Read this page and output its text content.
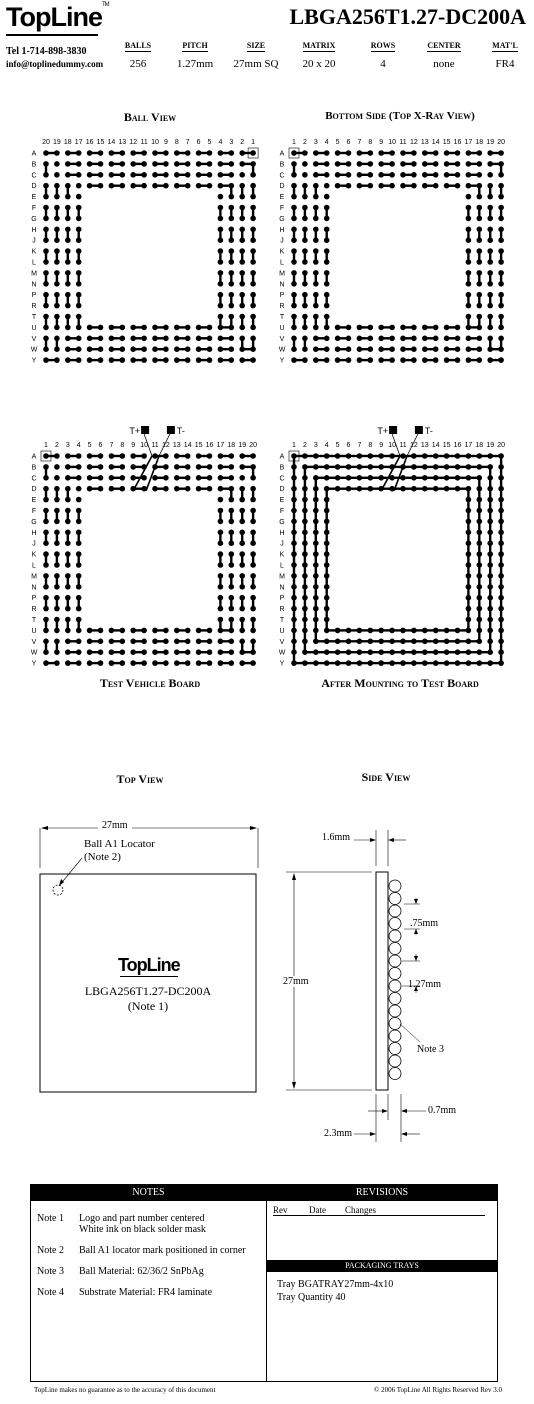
TopLine™	LBGA256T1.27-DC200A
Tel 1-714-898-3830
info@toplinedummy.com
BALLS
256
PITCH
1.27mm
SIZE
27mm SQ
MATRIX
20 x 20
ROWS
4
CENTER
none
MAT'L
FR4
Ball View	Bottom Side (Top X-Ray View)
Test Vehicle Board	After Mounting to Test Board
20 19 18 17 16 15 14 13 12 11 10 9 8 7 6 5 4 3 2 1
A
B
C
D
E
F
G
H
J
K
L
M
N
P
R
T
U
V
W
Y
1 2 3 4 5 6 7 8 9 10 11 12 13 14 15 16 17 18 19 20
A
B
C
D
E
F
G
H
J
K
L
M
N
P
R
T
U
V
W
Y
1 2 3 4 5 6 7 8 9 10 11 12 13 14 15 16 17 18 19 20
A
B
C
D
E
F
G
H
J
K
L
M
N
P
R
T
U
V
W
Y
T+	T-
1 2 3 4 5 6 7 8 9 10 11 12 13 14 15 16 17 18 19 20
A
B
C
D
E
F
G
H
J
K
L
M
N
P
R
T
U
V
W
Y
T+	T-
Top View
27mm
Ball A1 Locator
(Note 2)
TopLine
LBGA256T1.27-DC200A
(Note 1)
Side View
1.6mm
27mm
.75mm
1.27mm
Note 3
0.7mm
2.3mm
NOTES
Note 1	Logo and part number centered
White ink on black solder mask

Note 2	Ball A1 locator mark positioned in corner

Note 3	Ball Material: 62/36/2 SnPbAg

Note 4	Substrate Material: FR4 laminate
REVISIONS
Rev Date Changes
PACKAGING TRAYS
Tray BGATRAY27mm-4x10
Tray Quantity 40
TopLine makes no guarantee as to the accuracy of this document	© 2006 TopLine All Rights Reserved Rev 3.0
